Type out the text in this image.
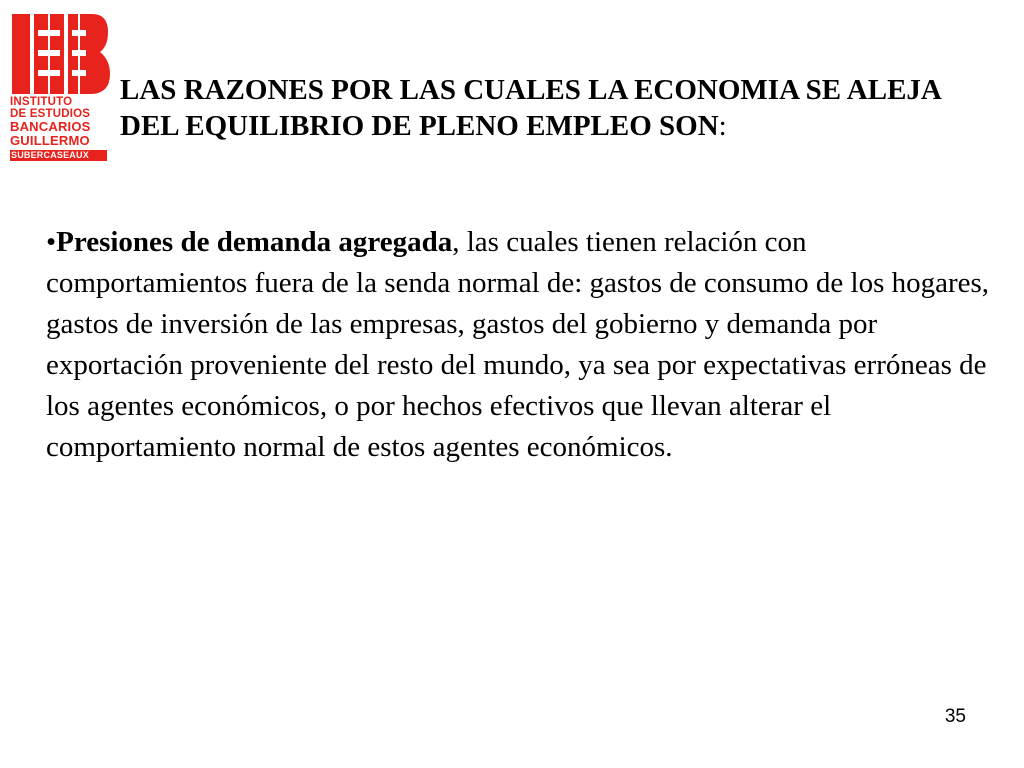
INSTITUTO
DE ESTUDIOS
BANCARIOS
GUILLERMO
SUBERCASEAUX
LAS RAZONES POR LAS CUALES LA ECONOMIA SE ALEJA DEL EQUILIBRIO DE PLENO EMPLEO SON:

•Presiones de demanda agregada, las cuales tienen relación con comportamientos fuera de la senda normal de: gastos de consumo de los hogares, gastos de inversión de las empresas, gastos del gobierno y demanda por exportación proveniente del resto del mundo, ya sea por expectativas erróneas de los agentes económicos, o por hechos efectivos que llevan alterar el comportamiento normal de estos agentes económicos.

35
